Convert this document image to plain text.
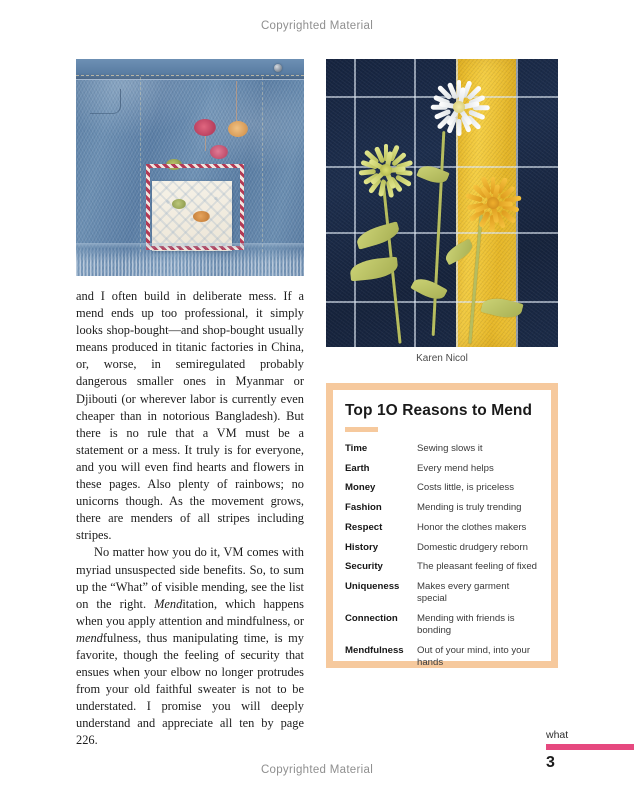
Copyrighted Material
Karen Nicol

and I often build in deliberate mess. If a mend ends up too professional, it simply looks shop-bought—and shop-bought usually means produced in titanic factories in China, or, worse, in semiregulated probably dangerous smaller ones in Myanmar or Djibouti (or wherever labor is currently even cheaper than in notorious Bangladesh). But there is no rule that a VM must be a statement or a mess. It truly is for everyone, and you will even find hearts and flowers in these pages. Also plenty of rainbows; no unicorns though. As the movement grows, there are menders of all stripes including stripes.

No matter how you do it, VM comes with myriad unsuspected side benefits. So, to sum up the “What” of visible mending, see the list on the right. Menditation, which happens when you apply attention and mindfulness, or mendfulness, thus manipulating time, is my favorite, though the feeling of security that ensues when your elbow no longer protrudes from your old faithful sweater is not to be understated. I promise you will deeply understand and appreciate all ten by page 226.

Top 1O Reasons to Mend
Time	Sewing slows it
Earth	Every mend helps
Money	Costs little, is priceless
Fashion	Mending is truly trending
Respect	Honor the clothes makers
History	Domestic drudgery reborn
Security	The pleasant feeling of fixed
Uniqueness	Makes every garment special
Connection	Mending with friends is bonding
Mendfulness	Out of your mind, into your hands
what
3
Copyrighted Material
